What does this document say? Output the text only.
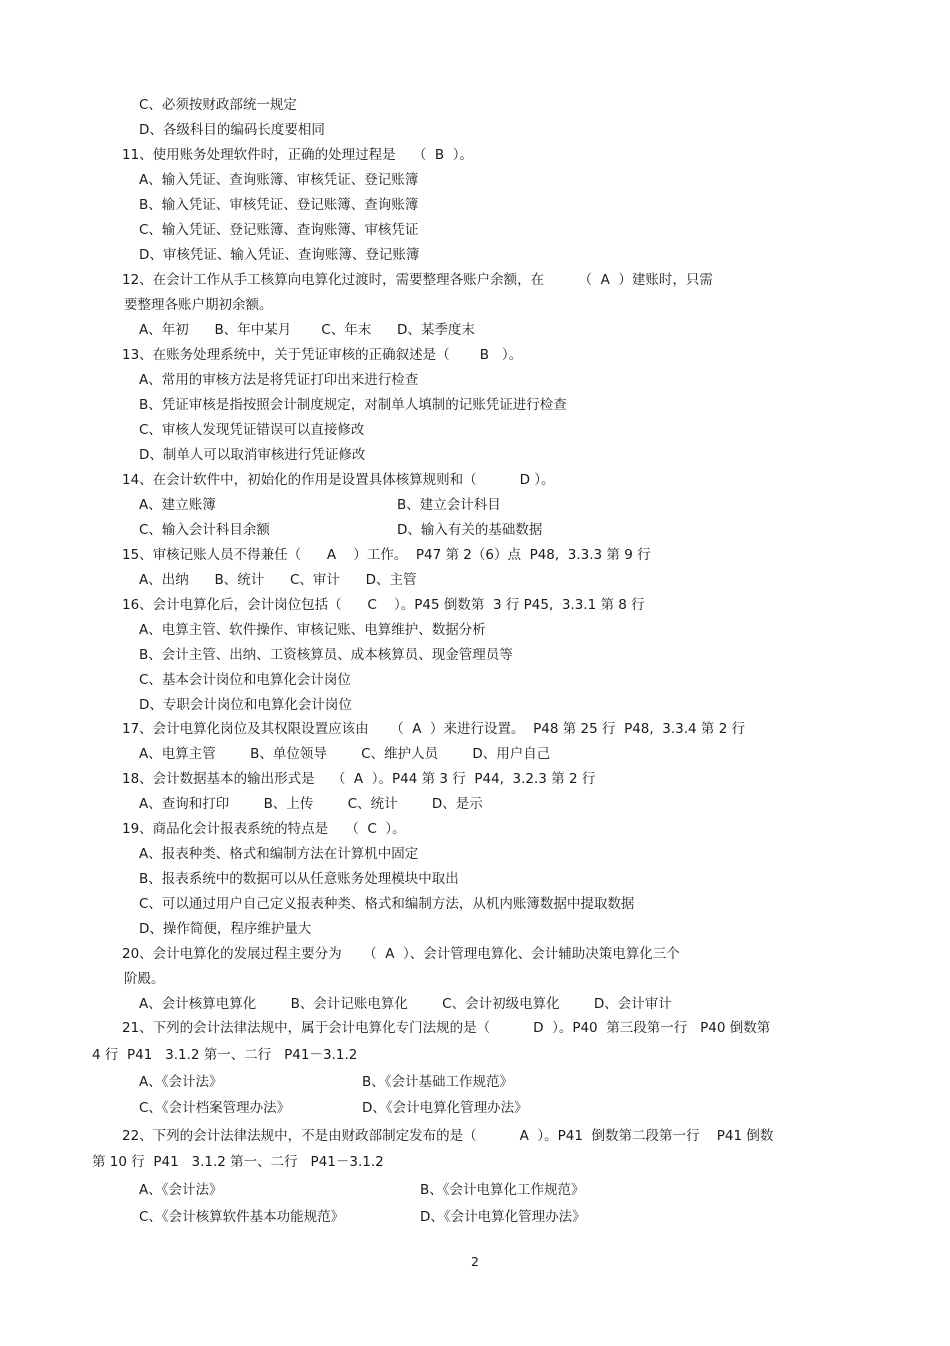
C、必须按财政部统一规定
D、各级科目的编码长度要相同
11、使用账务处理软件时，正确的处理过程是    （  B  ）。
A、输入凭证、查询账簿、审核凭证、登记账簿
B、输入凭证、审核凭证、登记账簿、查询账簿
C、输入凭证、登记账簿、查询账簿、审核凭证
D、审核凭证、输入凭证、查询账簿、登记账簿
12、在会计工作从手工核算向电算化过渡时，需要整理各账户余额，在        （  A  ）建账时，只需
要整理各账户期初余额。
A、年初      B、年中某月       C、年末      D、某季度末
13、在账务处理系统中，关于凭证审核的正确叙述是（       B   ）。
A、常用的审核方法是将凭证打印出来进行检查
B、凭证审核是指按照会计制度规定，对制单人填制的记账凭证进行检查
C、审核人发现凭证错误可以直接修改
D、制单人可以取消审核进行凭证修改
14、在会计软件中，初始化的作用是设置具体核算规则和（          D ）。
A、建立账簿	B、建立会计科目
C、输入会计科目余额	D、输入有关的基础数据
15、审核记账人员不得兼任（      A    ）工作。  P47 第 2（6）点  P48,  3.3.3 第 9 行
A、出纳      B、统计      C、审计      D、主管
16、会计电算化后，会计岗位包括（      C    ）。P45 倒数第  3 行 P45,  3.3.1 第 8 行
A、电算主管、软件操作、审核记账、电算维护、数据分析
B、会计主管、出纳、工资核算员、成本核算员、现金管理员等
C、基本会计岗位和电算化会计岗位
D、专职会计岗位和电算化会计岗位
17、会计电算化岗位及其权限设置应该由     （  A  ）来进行设置。  P48 第 25 行  P48,  3.3.4 第 2 行
A、电算主管        B、单位领导        C、维护人员        D、用户自己
18、会计数据基本的输出形式是    （  A  ）。P44 第 3 行  P44,  3.2.3 第 2 行
A、查询和打印        B、上传        C、统计        D、是示
19、商品化会计报表系统的特点是    （  C  ）。
A、报表种类、格式和编制方法在计算机中固定
B、报表系统中的数据可以从任意账务处理模块中取出
C、可以通过用户自己定义报表种类、格式和编制方法，从机内账簿数据中提取数据
D、操作简便，程序维护量大
20、会计电算化的发展过程主要分为     （  A  ）、会计管理电算化、会计辅助决策电算化三个
阶殿。
A、会计核算电算化        B、会计记账电算化        C、会计初级电算化        D、会计审计
21、下列的会计法律法规中，属于会计电算化专门法规的是（          D  ）。P40  第三段第一行   P40 倒数第
4 行  P41   3.1.2 第一、二行   P41－3.1.2
A、《会计法》	B、《会计基础工作规范》
C、《会计档案管理办法》	D、《会计电算化管理办法》
22、下列的会计法律法规中，不是由财政部制定发布的是（          A  ）。P41  倒数第二段第一行    P41 倒数
第 10 行  P41   3.1.2 第一、二行   P41－3.1.2
A、《会计法》	B、《会计电算化工作规范》
C、《会计核算软件基本功能规范》	D、《会计电算化管理办法》
2
